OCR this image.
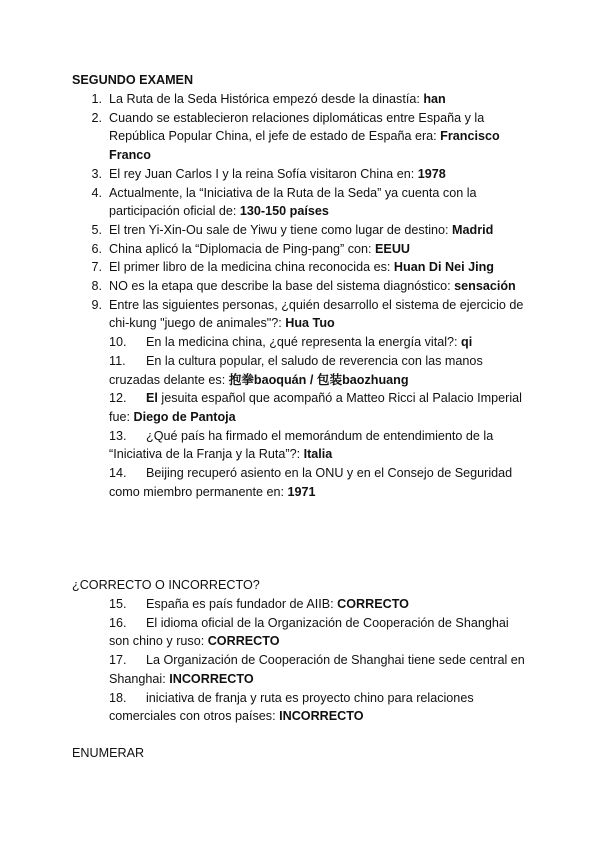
SEGUNDO EXAMEN
1. La Ruta de la Seda Histórica empezó desde la dinastía: han
2. Cuando se establecieron relaciones diplomáticas entre España y la República Popular China, el jefe de estado de España era: Francisco Franco
3. El rey Juan Carlos I y la reina Sofía visitaron China en: 1978
4. Actualmente, la “Iniciativa de la Ruta de la Seda” ya cuenta con la participación oficial de: 130-150 países
5. El tren Yi-Xin-Ou sale de Yiwu y tiene como lugar de destino: Madrid
6. China aplicó la “Diplomacia de Ping-pang” con: EEUU
7. El primer libro de la medicina china reconocida es: Huan Di Nei Jing
8. NO es la etapa que describe la base del sistema diagnóstico: sensación
9. Entre las siguientes personas, ¿quién desarrollo el sistema de ejercicio de chi-kung "juego de animales"?: Hua Tuo
10. En la medicina china, ¿qué representa la energía vital?: qi
11. En la cultura popular, el saludo de reverencia con las manos cruzadas delante es: 抱拳baoquán / 包装baozhuang
12. El jesuita español que acompañó a Matteo Ricci al Palacio Imperial fue: Diego de Pantoja
13. ¿Qué país ha firmado el memorándum de entendimiento de la “Iniciativa de la Franja y la Ruta”?: Italia
14. Beijing recuperó asiento en la ONU y en el Consejo de Seguridad como miembro permanente en: 1971
¿CORRECTO O INCORRECTO?
15. España es país fundador de AIIB: CORRECTO
16. El idioma oficial de la Organización de Cooperación de Shanghai son chino y ruso: CORRECTO
17. La Organización de Cooperación de Shanghai tiene sede central en Shanghai: INCORRECTO
18. iniciativa de franja y ruta es proyecto chino para relaciones comerciales con otros países: INCORRECTO
ENUMERAR
